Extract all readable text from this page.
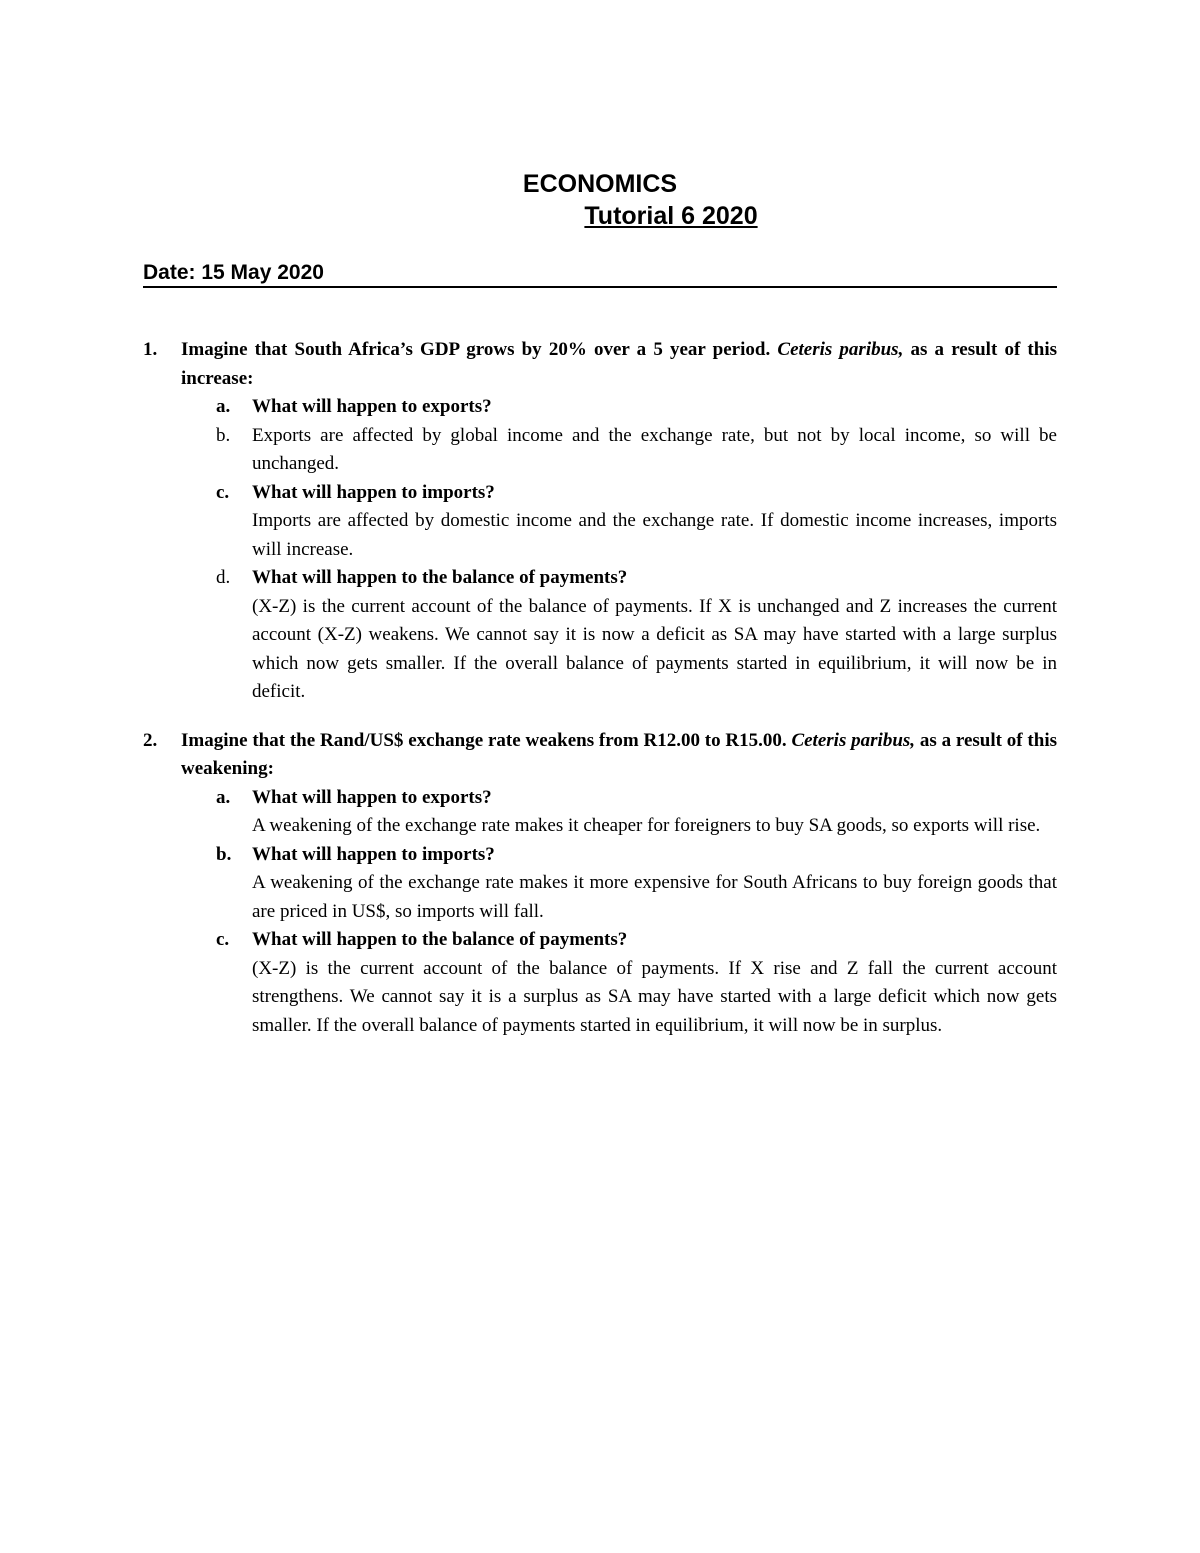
ECONOMICS
Tutorial 6 2020
Date: 15 May 2020
1. Imagine that South Africa’s GDP grows by 20% over a 5 year period. Ceteris paribus, as a result of this increase:

a. What will happen to exports?

b. Exports are affected by global income and the exchange rate, but not by local income, so will be unchanged.

c. What will happen to imports?

Imports are affected by domestic income and the exchange rate. If domestic income increases, imports will increase.

d. What will happen to the balance of payments?

(X-Z) is the current account of the balance of payments. If X is unchanged and Z increases the current account (X-Z) weakens. We cannot say it is now a deficit as SA may have started with a large surplus which now gets smaller. If the overall balance of payments started in equilibrium, it will now be in deficit.

2. Imagine that the Rand/US$ exchange rate weakens from R12.00 to R15.00. Ceteris paribus, as a result of this weakening:

a. What will happen to exports?

A weakening of the exchange rate makes it cheaper for foreigners to buy SA goods, so exports will rise.

b. What will happen to imports?

A weakening of the exchange rate makes it more expensive for South Africans to buy foreign goods that are priced in US$, so imports will fall.

c. What will happen to the balance of payments?

(X-Z) is the current account of the balance of payments. If X rise and Z fall the current account strengthens. We cannot say it is a surplus as SA may have started with a large deficit which now gets smaller. If the overall balance of payments started in equilibrium, it will now be in surplus.
